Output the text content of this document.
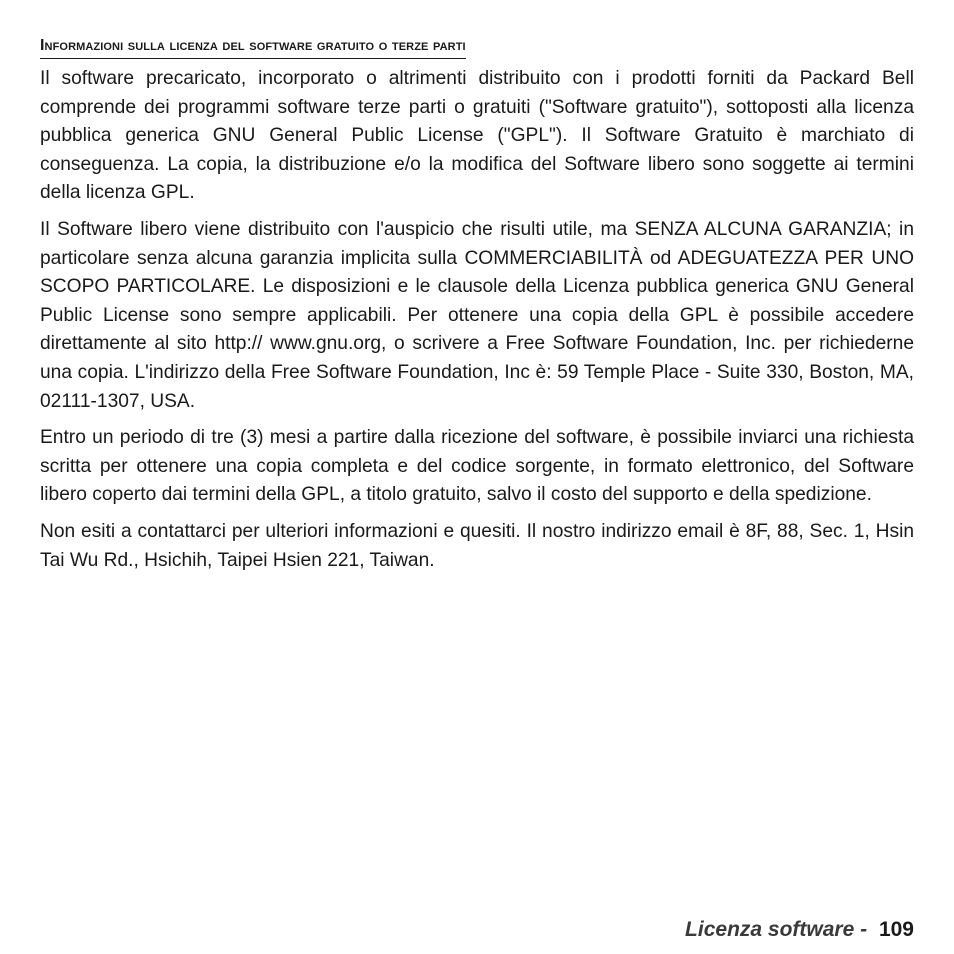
Informazioni sulla licenza del software gratuito o terze parti

Il software precaricato, incorporato o altrimenti distribuito con i prodotti forniti da Packard Bell comprende dei programmi software terze parti o gratuiti ("Software gratuito"), sottoposti alla licenza pubblica generica GNU General Public License ("GPL"). Il Software Gratuito è marchiato di conseguenza. La copia, la distribuzione e/o la modifica del Software libero sono soggette ai termini della licenza GPL.

Il Software libero viene distribuito con l'auspicio che risulti utile, ma SENZA ALCUNA GARANZIA; in particolare senza alcuna garanzia implicita sulla COMMERCIABILITÀ od ADEGUATEZZA PER UNO SCOPO PARTICOLARE. Le disposizioni e le clausole della Licenza pubblica generica GNU General Public License sono sempre applicabili. Per ottenere una copia della GPL è possibile accedere direttamente al sito http:// www.gnu.org, o scrivere a Free Software Foundation, Inc. per richiederne una copia. L'indirizzo della Free Software Foundation, Inc è: 59 Temple Place - Suite 330, Boston, MA, 02111-1307, USA.

Entro un periodo di tre (3) mesi a partire dalla ricezione del software, è possibile inviarci una richiesta scritta per ottenere una copia completa e del codice sorgente, in formato elettronico, del Software libero coperto dai termini della GPL, a titolo gratuito, salvo il costo del supporto e della spedizione.

Non esiti a contattarci per ulteriori informazioni e quesiti. Il nostro indirizzo email è 8F, 88, Sec. 1, Hsin Tai Wu Rd., Hsichih, Taipei Hsien 221, Taiwan.

Licenza software - 109
